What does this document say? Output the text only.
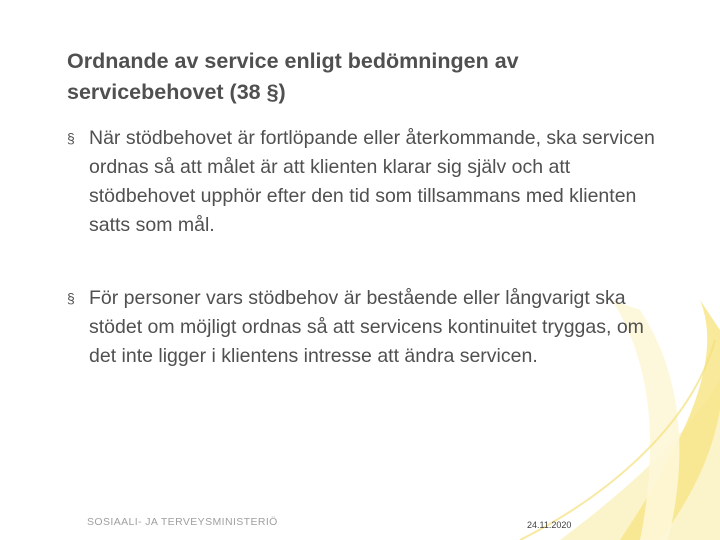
Ordnande av service enligt bedömningen av servicebehovet (38 §)
§ När stödbehovet är fortlöpande eller återkommande, ska servicen ordnas så att målet är att klienten klarar sig själv och att stödbehovet upphör efter den tid som tillsammans med klienten satts som mål.
§ För personer vars stödbehov är bestående eller långvarigt ska stödet om möjligt ordnas så att servicens kontinuitet tryggas, om det inte ligger i klientens intresse att ändra servicen.
SOSIAALI- JA TERVEYSMINISTERIÖ	24.11.2020
